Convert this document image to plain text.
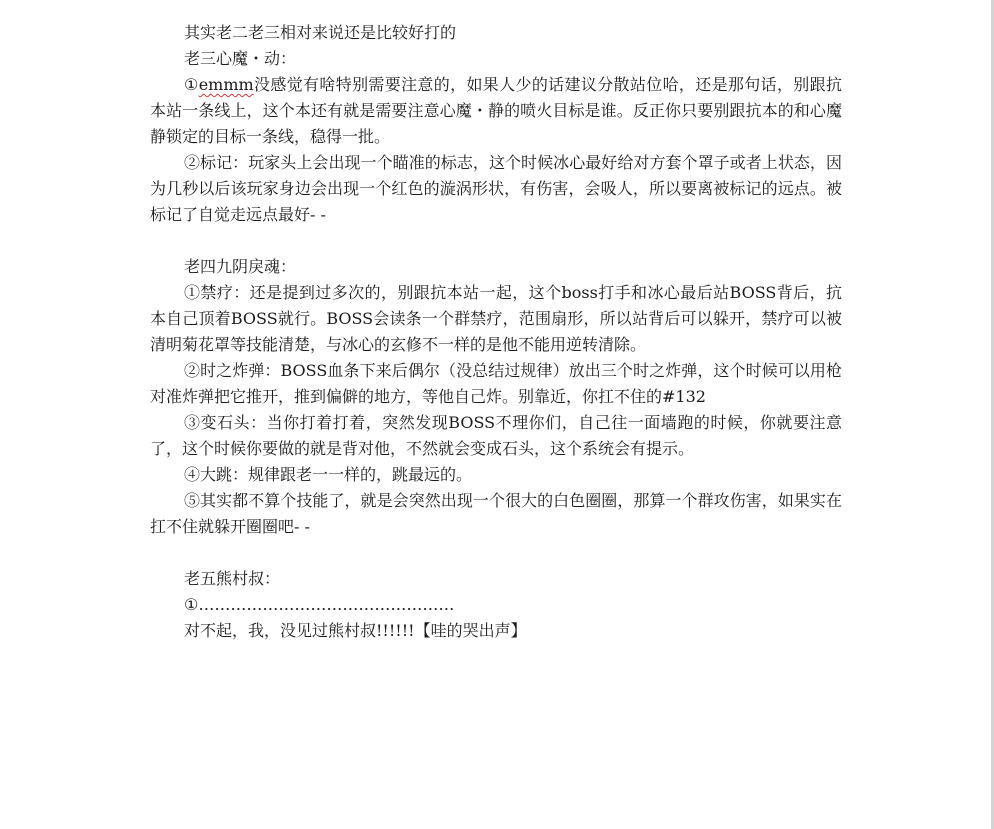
其实老二老三相对来说还是比较好打的

老三心魔・动：

①emmm没感觉有啥特别需要注意的，如果人少的话建议分散站位哈，还是那句话，别跟抗本站一条线上，这个本还有就是需要注意心魔・静的喷火目标是谁。反正你只要别跟抗本的和心魔静锁定的目标一条线，稳得一批。

②标记：玩家头上会出现一个瞄准的标志，这个时候冰心最好给对方套个罩子或者上状态，因为几秒以后该玩家身边会出现一个红色的漩涡形状，有伤害，会吸人，所以要离被标记的远点。被标记了自觉走远点最好- -

老四九阴戾魂：

①禁疗：还是提到过多次的，别跟抗本站一起，这个boss打手和冰心最后站BOSS背后，抗本自己顶着BOSS就行。BOSS会读条一个群禁疗，范围扇形，所以站背后可以躲开，禁疗可以被清明菊花罩等技能清楚，与冰心的玄修不一样的是他不能用逆转清除。

②时之炸弹：BOSS血条下来后偶尔（没总结过规律）放出三个时之炸弹，这个时候可以用枪对准炸弹把它推开，推到偏僻的地方，等他自己炸。别靠近，你扛不住的#132

③变石头：当你打着打着，突然发现BOSS不理你们，自己往一面墙跑的时候，你就要注意了，这个时候你要做的就是背对他，不然就会变成石头，这个系统会有提示。

④大跳：规律跟老一一样的，跳最远的。

⑤其实都不算个技能了，就是会突然出现一个很大的白色圈圈，那算一个群攻伤害，如果实在扛不住就躲开圈圈吧- -

老五熊村叔：

①…………………………………………

对不起，我，没见过熊村叔!!!!!!【哇的哭出声】
